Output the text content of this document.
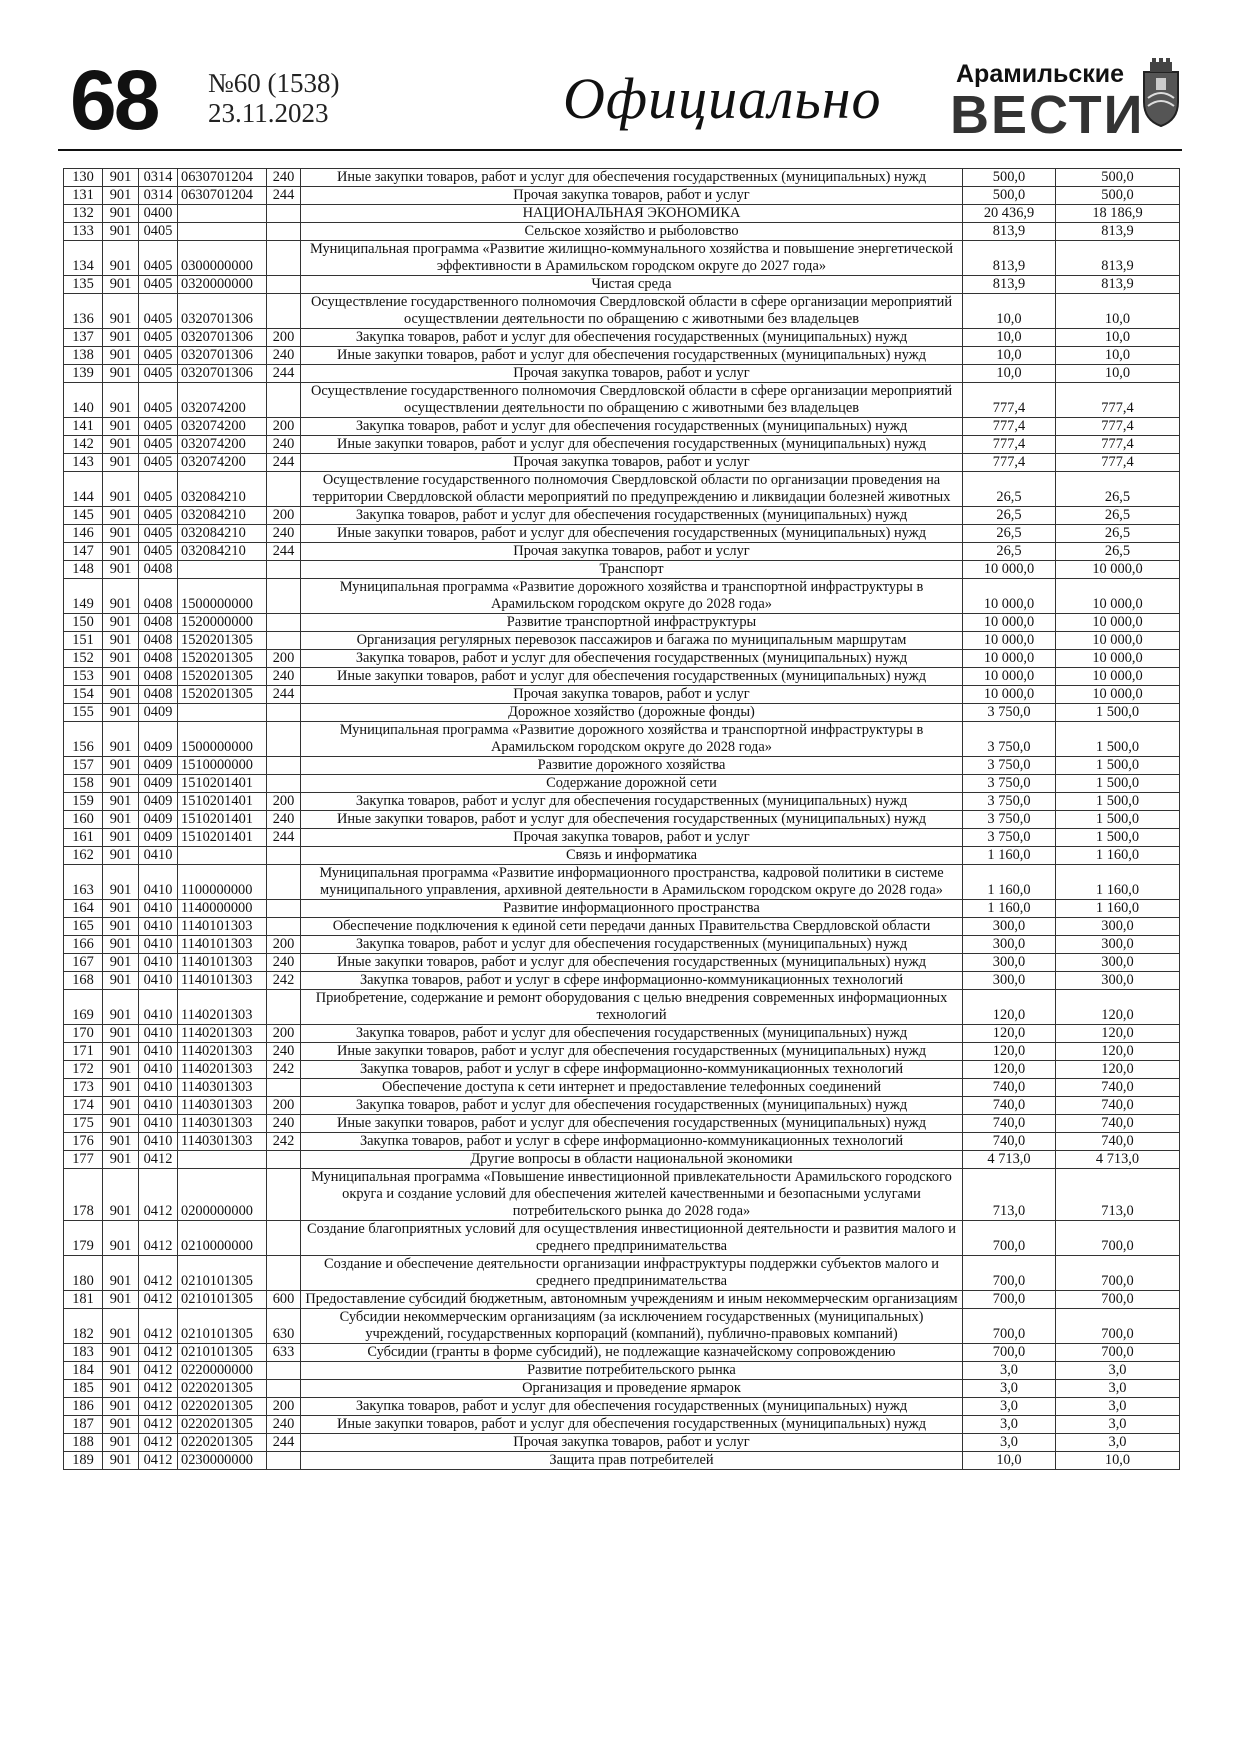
68 №60 (1538)
23.11.2023	Официально	Арамильские
ВЕСТИ
130	901	0314	0630701204	240	Иные закупки товаров, работ и услуг для обеспечения государственных (муниципальных) нужд	500,0	500,0
131	901	0314	0630701204	244	Прочая закупка товаров, работ и услуг	500,0	500,0
132	901	0400			НАЦИОНАЛЬНАЯ ЭКОНОМИКА	20 436,9	18 186,9
133	901	0405			Сельское хозяйство и рыболовство	813,9	813,9
134	901	0405	0300000000		Муниципальная программа «Развитие жилищно-коммунального хозяйства и повышение энергетической эффективности в Арамильском городском округе до 2027 года»	813,9	813,9
135	901	0405	0320000000		Чистая среда	813,9	813,9
136	901	0405	0320701306		Осуществление государственного полномочия Свердловской области в сфере организации мероприятий осуществлении деятельности по обращению с животными без владельцев	10,0	10,0
137	901	0405	0320701306	200	Закупка товаров, работ и услуг для обеспечения государственных (муниципальных) нужд	10,0	10,0
138	901	0405	0320701306	240	Иные закупки товаров, работ и услуг для обеспечения государственных (муниципальных) нужд	10,0	10,0
139	901	0405	0320701306	244	Прочая закупка товаров, работ и услуг	10,0	10,0
140	901	0405	032074200		Осуществление государственного полномочия Свердловской области в сфере организации мероприятий осуществлении деятельности по обращению с животными без владельцев	777,4	777,4
141	901	0405	032074200	200	Закупка товаров, работ и услуг для обеспечения государственных (муниципальных) нужд	777,4	777,4
142	901	0405	032074200	240	Иные закупки товаров, работ и услуг для обеспечения государственных (муниципальных) нужд	777,4	777,4
143	901	0405	032074200	244	Прочая закупка товаров, работ и услуг	777,4	777,4
144	901	0405	032084210		Осуществление государственного полномочия Свердловской области по организации проведения на территории Свердловской области мероприятий по предупреждению и ликвидации болезней животных	26,5	26,5
145	901	0405	032084210	200	Закупка товаров, работ и услуг для обеспечения государственных (муниципальных) нужд	26,5	26,5
146	901	0405	032084210	240	Иные закупки товаров, работ и услуг для обеспечения государственных (муниципальных) нужд	26,5	26,5
147	901	0405	032084210	244	Прочая закупка товаров, работ и услуг	26,5	26,5
148	901	0408			Транспорт	10 000,0	10 000,0
149	901	0408	1500000000		Муниципальная программа «Развитие дорожного хозяйства и транспортной инфраструктуры в Арамильском городском округе до 2028 года»	10 000,0	10 000,0
150	901	0408	1520000000		Развитие транспортной инфраструктуры	10 000,0	10 000,0
151	901	0408	1520201305		Организация регулярных перевозок пассажиров и багажа по муниципальным маршрутам	10 000,0	10 000,0
152	901	0408	1520201305	200	Закупка товаров, работ и услуг для обеспечения государственных (муниципальных) нужд	10 000,0	10 000,0
153	901	0408	1520201305	240	Иные закупки товаров, работ и услуг для обеспечения государственных (муниципальных) нужд	10 000,0	10 000,0
154	901	0408	1520201305	244	Прочая закупка товаров, работ и услуг	10 000,0	10 000,0
155	901	0409			Дорожное хозяйство (дорожные фонды)	3 750,0	1 500,0
156	901	0409	1500000000		Муниципальная программа «Развитие дорожного хозяйства и транспортной инфраструктуры в Арамильском городском округе до 2028 года»	3 750,0	1 500,0
157	901	0409	1510000000		Развитие дорожного хозяйства	3 750,0	1 500,0
158	901	0409	1510201401		Содержание дорожной сети	3 750,0	1 500,0
159	901	0409	1510201401	200	Закупка товаров, работ и услуг для обеспечения государственных (муниципальных) нужд	3 750,0	1 500,0
160	901	0409	1510201401	240	Иные закупки товаров, работ и услуг для обеспечения государственных (муниципальных) нужд	3 750,0	1 500,0
161	901	0409	1510201401	244	Прочая закупка товаров, работ и услуг	3 750,0	1 500,0
162	901	0410			Связь и информатика	1 160,0	1 160,0
163	901	0410	1100000000		Муниципальная программа «Развитие информационного пространства, кадровой политики в системе муниципального управления, архивной деятельности в Арамильском городском округе до 2028 года»	1 160,0	1 160,0
164	901	0410	1140000000		Развитие информационного пространства	1 160,0	1 160,0
165	901	0410	1140101303		Обеспечение подключения к единой сети передачи данных Правительства Свердловской области	300,0	300,0
166	901	0410	1140101303	200	Закупка товаров, работ и услуг для обеспечения государственных (муниципальных) нужд	300,0	300,0
167	901	0410	1140101303	240	Иные закупки товаров, работ и услуг для обеспечения государственных (муниципальных) нужд	300,0	300,0
168	901	0410	1140101303	242	Закупка товаров, работ и услуг в сфере информационно-коммуникационных технологий	300,0	300,0
169	901	0410	1140201303		Приобретение, содержание и ремонт оборудования с целью внедрения современных информационных технологий	120,0	120,0
170	901	0410	1140201303	200	Закупка товаров, работ и услуг для обеспечения государственных (муниципальных) нужд	120,0	120,0
171	901	0410	1140201303	240	Иные закупки товаров, работ и услуг для обеспечения государственных (муниципальных) нужд	120,0	120,0
172	901	0410	1140201303	242	Закупка товаров, работ и услуг в сфере информационно-коммуникационных технологий	120,0	120,0
173	901	0410	1140301303		Обеспечение доступа к сети интернет и предоставление телефонных соединений	740,0	740,0
174	901	0410	1140301303	200	Закупка товаров, работ и услуг для обеспечения государственных (муниципальных) нужд	740,0	740,0
175	901	0410	1140301303	240	Иные закупки товаров, работ и услуг для обеспечения государственных (муниципальных) нужд	740,0	740,0
176	901	0410	1140301303	242	Закупка товаров, работ и услуг в сфере информационно-коммуникационных технологий	740,0	740,0
177	901	0412			Другие вопросы в области национальной экономики	4 713,0	4 713,0
178	901	0412	0200000000		Муниципальная программа «Повышение инвестиционной привлекательности Арамильского городского округа и создание условий для обеспечения жителей качественными и безопасными услугами потребительского рынка до 2028 года»	713,0	713,0
179	901	0412	0210000000		Создание благоприятных условий для осуществления инвестиционной деятельности и развития малого и среднего предпринимательства	700,0	700,0
180	901	0412	0210101305		Создание и обеспечение деятельности организации инфраструктуры поддержки субъектов малого и среднего предпринимательства	700,0	700,0
181	901	0412	0210101305	600	Предоставление субсидий бюджетным, автономным учреждениям и иным некоммерческим организациям	700,0	700,0
182	901	0412	0210101305	630	Субсидии некоммерческим организациям (за исключением государственных (муниципальных) учреждений, государственных корпораций (компаний), публично-правовых компаний)	700,0	700,0
183	901	0412	0210101305	633	Субсидии (гранты в форме субсидий), не подлежащие казначейскому сопровождению	700,0	700,0
184	901	0412	0220000000		Развитие потребительского рынка	3,0	3,0
185	901	0412	0220201305		Организация и проведение ярмарок	3,0	3,0
186	901	0412	0220201305	200	Закупка товаров, работ и услуг для обеспечения государственных (муниципальных) нужд	3,0	3,0
187	901	0412	0220201305	240	Иные закупки товаров, работ и услуг для обеспечения государственных (муниципальных) нужд	3,0	3,0
188	901	0412	0220201305	244	Прочая закупка товаров, работ и услуг	3,0	3,0
189	901	0412	0230000000		Защита прав потребителей	10,0	10,0
